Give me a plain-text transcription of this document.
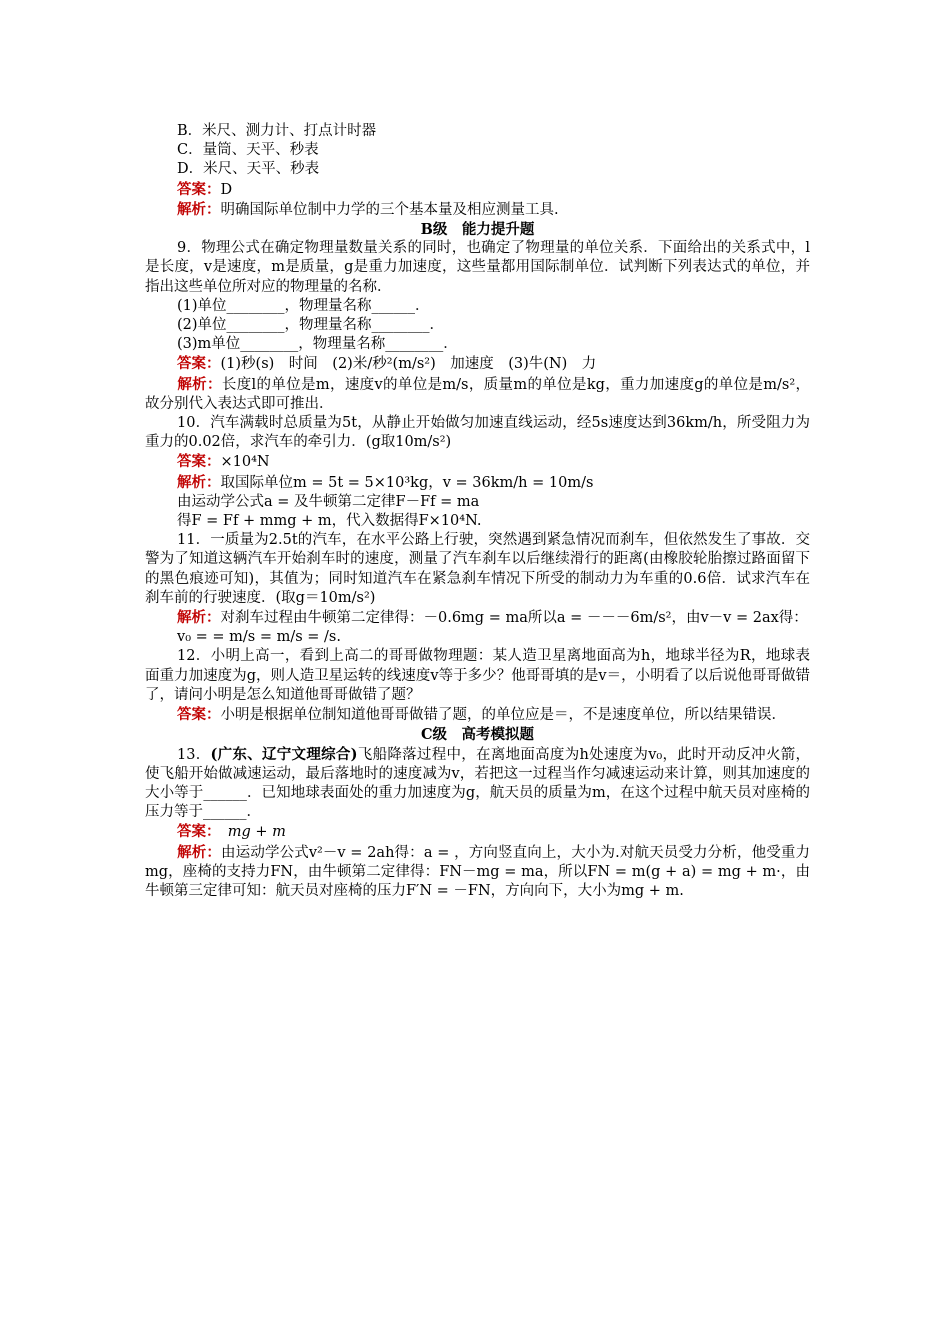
B．米尺、测力计、打点计时器

C．量筒、天平、秒表

D．米尺、天平、秒表

答案：D

解析：明确国际单位制中力学的三个基本量及相应测量工具.

B级　能力提升题

9．物理公式在确定物理量数量关系的同时，也确定了物理量的单位关系．下面给出的关系式中，l是长度，v是速度，m是质量，g是重力加速度，这些量都用国际制单位．试判断下列表达式的单位，并指出这些单位所对应的物理量的名称．

(1)单位________，物理量名称______．

(2)单位________，物理量名称________．

(3)m单位________，物理量名称________．

答案：(1)秒(s)　时间　(2)米/秒²(m/s²)　加速度　(3)牛(N)　力

解析：长度l的单位是m，速度v的单位是m/s，质量m的单位是kg，重力加速度g的单位是m/s²，故分别代入表达式即可推出．

10．汽车满载时总质量为5t，从静止开始做匀加速直线运动，经5s速度达到36km/h，所受阻力为重力的0.02倍，求汽车的牵引力．(g取10m/s²)

答案：×10⁴N

解析：取国际单位m = 5t = 5×10³kg，v = 36km/h = 10m/s

由运动学公式a = 及牛顿第二定律F－Ff = ma

得F = Ff + mmg + m，代入数据得F×10⁴N.

11．一质量为2.5t的汽车，在水平公路上行驶，突然遇到紧急情况而刹车，但依然发生了事故．交警为了知道这辆汽车开始刹车时的速度，测量了汽车刹车以后继续滑行的距离(由橡胶轮胎擦过路面留下的黑色痕迹可知)，其值为；同时知道汽车在紧急刹车情况下所受的制动力为车重的0.6倍．试求汽车在刹车前的行驶速度．(取g＝10m/s²)

解析：对刹车过程由牛顿第二定律得：－0.6mg = ma所以a = －－－6m/s²，由v－v = 2ax得：

v₀ = = m/s = m/s = /s.

12．小明上高一，看到上高二的哥哥做物理题：某人造卫星离地面高为h，地球半径为R，地球表面重力加速度为g，则人造卫星运转的线速度v等于多少？他哥哥填的是v＝，小明看了以后说他哥哥做错了，请问小明是怎么知道他哥哥做错了题？

答案：小明是根据单位制知道他哥哥做错了题，的单位应是＝，不是速度单位，所以结果错误．

C级　高考模拟题

13．(广东、辽宁文理综合)飞船降落过程中，在离地面高度为h处速度为v₀，此时开动反冲火箭，使飞船开始做减速运动，最后落地时的速度减为v，若把这一过程当作匀减速运动来计算，则其加速度的大小等于______．已知地球表面处的重力加速度为g，航天员的质量为m，在这个过程中航天员对座椅的压力等于______．

答案：　mg + m

解析：由运动学公式v²－v = 2ah得：a = ，方向竖直向上，大小为.对航天员受力分析，他受重力mg，座椅的支持力FN，由牛顿第二定律得：FN－mg = ma，所以FN = m(g + a) = mg + m·，由牛顿第三定律可知：航天员对座椅的压力F′N = －FN，方向向下，大小为mg + m.
